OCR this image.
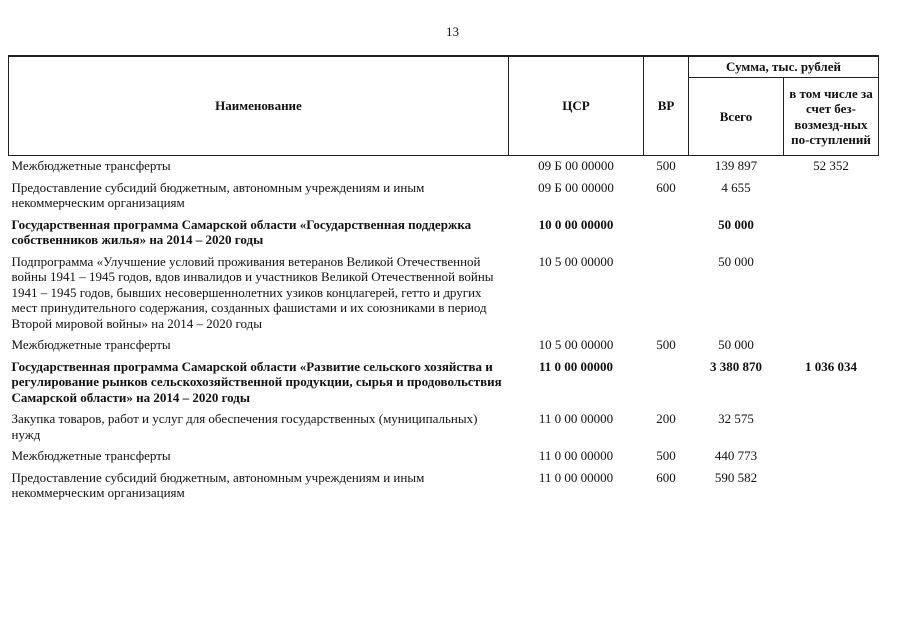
13
Наименование	ЦСР	ВР	Сумма, тыс. рублей	
			Всего	в том числе за счет без-возмезд-ных по-ступлений
Межбюджетные трансферты	09 Б 00 00000	500	139 897	52 352
Предоставление субсидий бюджетным, автономным учреждениям и иным некоммерческим организациям	09 Б 00 00000	600	4 655	
Государственная программа Самарской области «Государственная поддержка собственников жилья» на 2014 – 2020 годы	10 0 00 00000		50 000	
Подпрограмма «Улучшение условий проживания ветеранов Великой Отечественной войны 1941 – 1945 годов, вдов инвалидов и участников Великой Отечественной войны 1941 – 1945 годов, бывших несовершеннолетних узиков концлагерей, гетто и других мест принудительного содержания, созданных фашистами и их союзниками в период Второй мировой войны» на 2014 – 2020 годы	10 5 00 00000		50 000	
Межбюджетные трансферты	10 5 00 00000	500	50 000	
Государственная программа Самарской области «Развитие сельского хозяйства и регулирование рынков сельскохозяйственной продукции, сырья и продовольствия Самарской области» на 2014 – 2020 годы	11 0 00 00000		3 380 870	1 036 034
Закупка товаров, работ и услуг для обеспечения государственных (муниципальных) нужд	11 0 00 00000	200	32 575	
Межбюджетные трансферты	11 0 00 00000	500	440 773	
Предоставление субсидий бюджетным, автономным учреждениям и иным некоммерческим организациям	11 0 00 00000	600	590 582	
